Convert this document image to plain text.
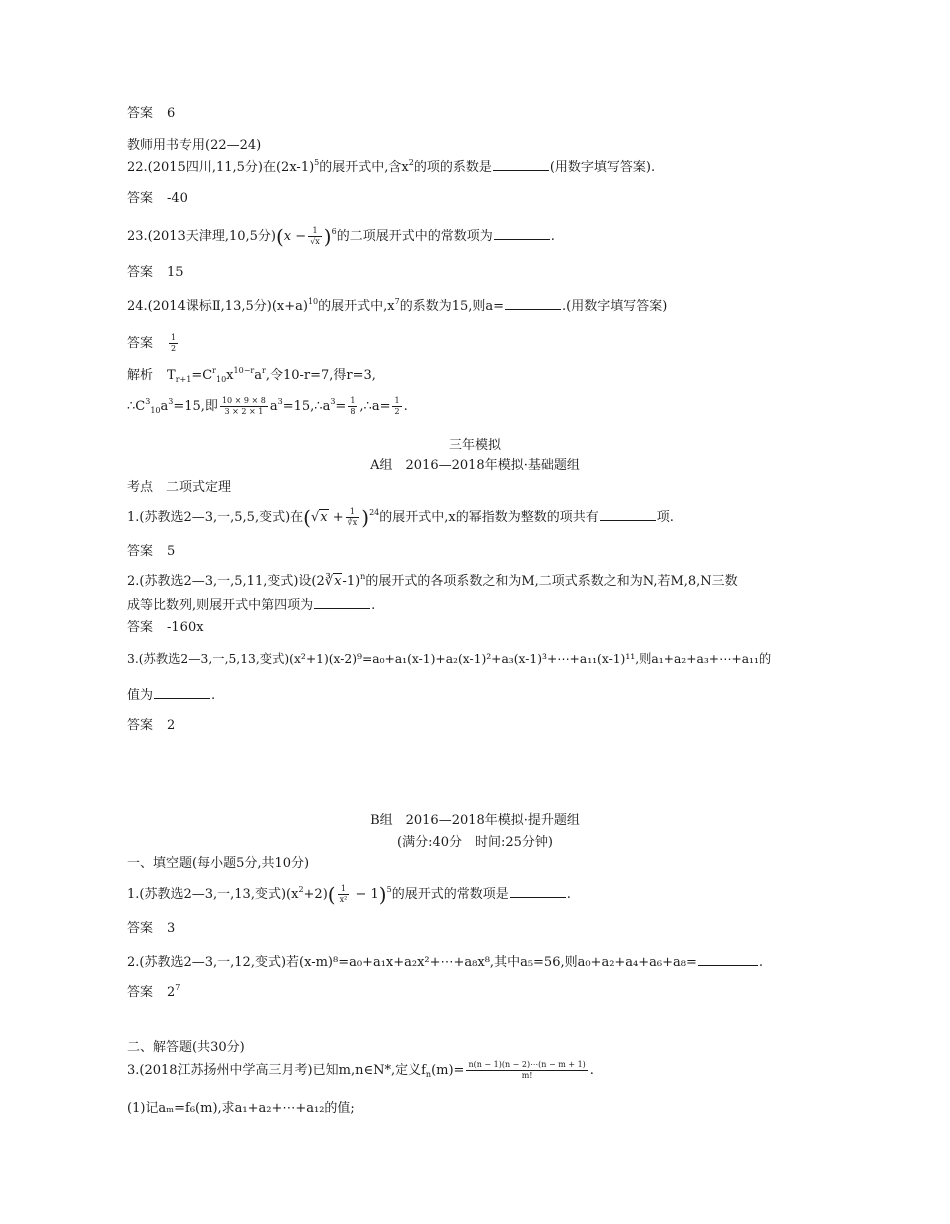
答案 6
教师用书专用(22—24)
22.(2015四川,11,5分)在$(2x-1)^5$的展开式中,含$x^2$的项的系数是	(用数字填写答案).
答案 -40
23.(2013天津理,10,5分)$(x - \frac{1}{√x} )^6$的二项展开式中的常数项为	.
答案 15
24.(2014课标Ⅱ,13,5分)$(x+a)^{10}$的展开式中$,x^7$的系数为15,则a=	.(用数字填写答案)
答案 $\frac{1}{2}$
解析 $T_{r+1}=C^r_{10}x^{10-r}a^r$,令10-r=7,得r=3,
$\therefore C^3_{10}a^3=15$,即 $\frac{10 \times 9 \times 8}{3 \times 2 \times 1}$ $a^3=15,\therefore a^3= \frac{1}{8}$ ,∴a= $\frac{1}{2}$ .
三年模拟
A组　2016—2018年模拟·基础题组
考点　二项式定理
1.(苏教选2—3,一,5,5,变式)在$(√x + \frac{1}{∛x} )^{24}$的展开式中,x的幂指数为整数的项共有	项.
答案 5
2.(苏教选2—3,一,5,11,变式)设(2∛x-1)$^n$的展开式的各项系数之和为M,二项式系数之和为N,若M,8,N三数
成等比数列,则展开式中第四项为	.
答案 -160x
3.(苏教选2—3,一,5,13,变式)(x²+1)(x-2)⁹=a₀+a₁(x-1)+a₂(x-1)²+a₃(x-1)³+⋯+a₁₁(x-1)¹¹,则a₁+a₂+a₃+⋯+a₁₁的
值为	.
答案 2
B组　2016—2018年模拟·提升题组
(满分:40分　时间:25分钟)
一、填空题(每小题5分,共10分)
1.(苏教选2—3,一,13,变式)$(x^2+2)( \frac{1}{\text{x²}} - 1)^5$的展开式的常数项是	.
答案 3
2.(苏教选2—3,一,12,变式)若(x-m)⁸=a₀+a₁x+a₂x²+⋯+a₈x⁸,其中a₅=56,则a₀+a₂+a₄+a₆+a₈=	.
答案 $2^7$
二、解答题(共30分)
3.(2018江苏扬州中学高三月考)已知m,n∈N*,定义$f_n(m)= \frac{n(n - 1)(n - 2)\cdots(n - m + 1)}{m!}$ .
(1)记aₘ=f₆(m),求a₁+a₂+⋯+a₁₂的值;
